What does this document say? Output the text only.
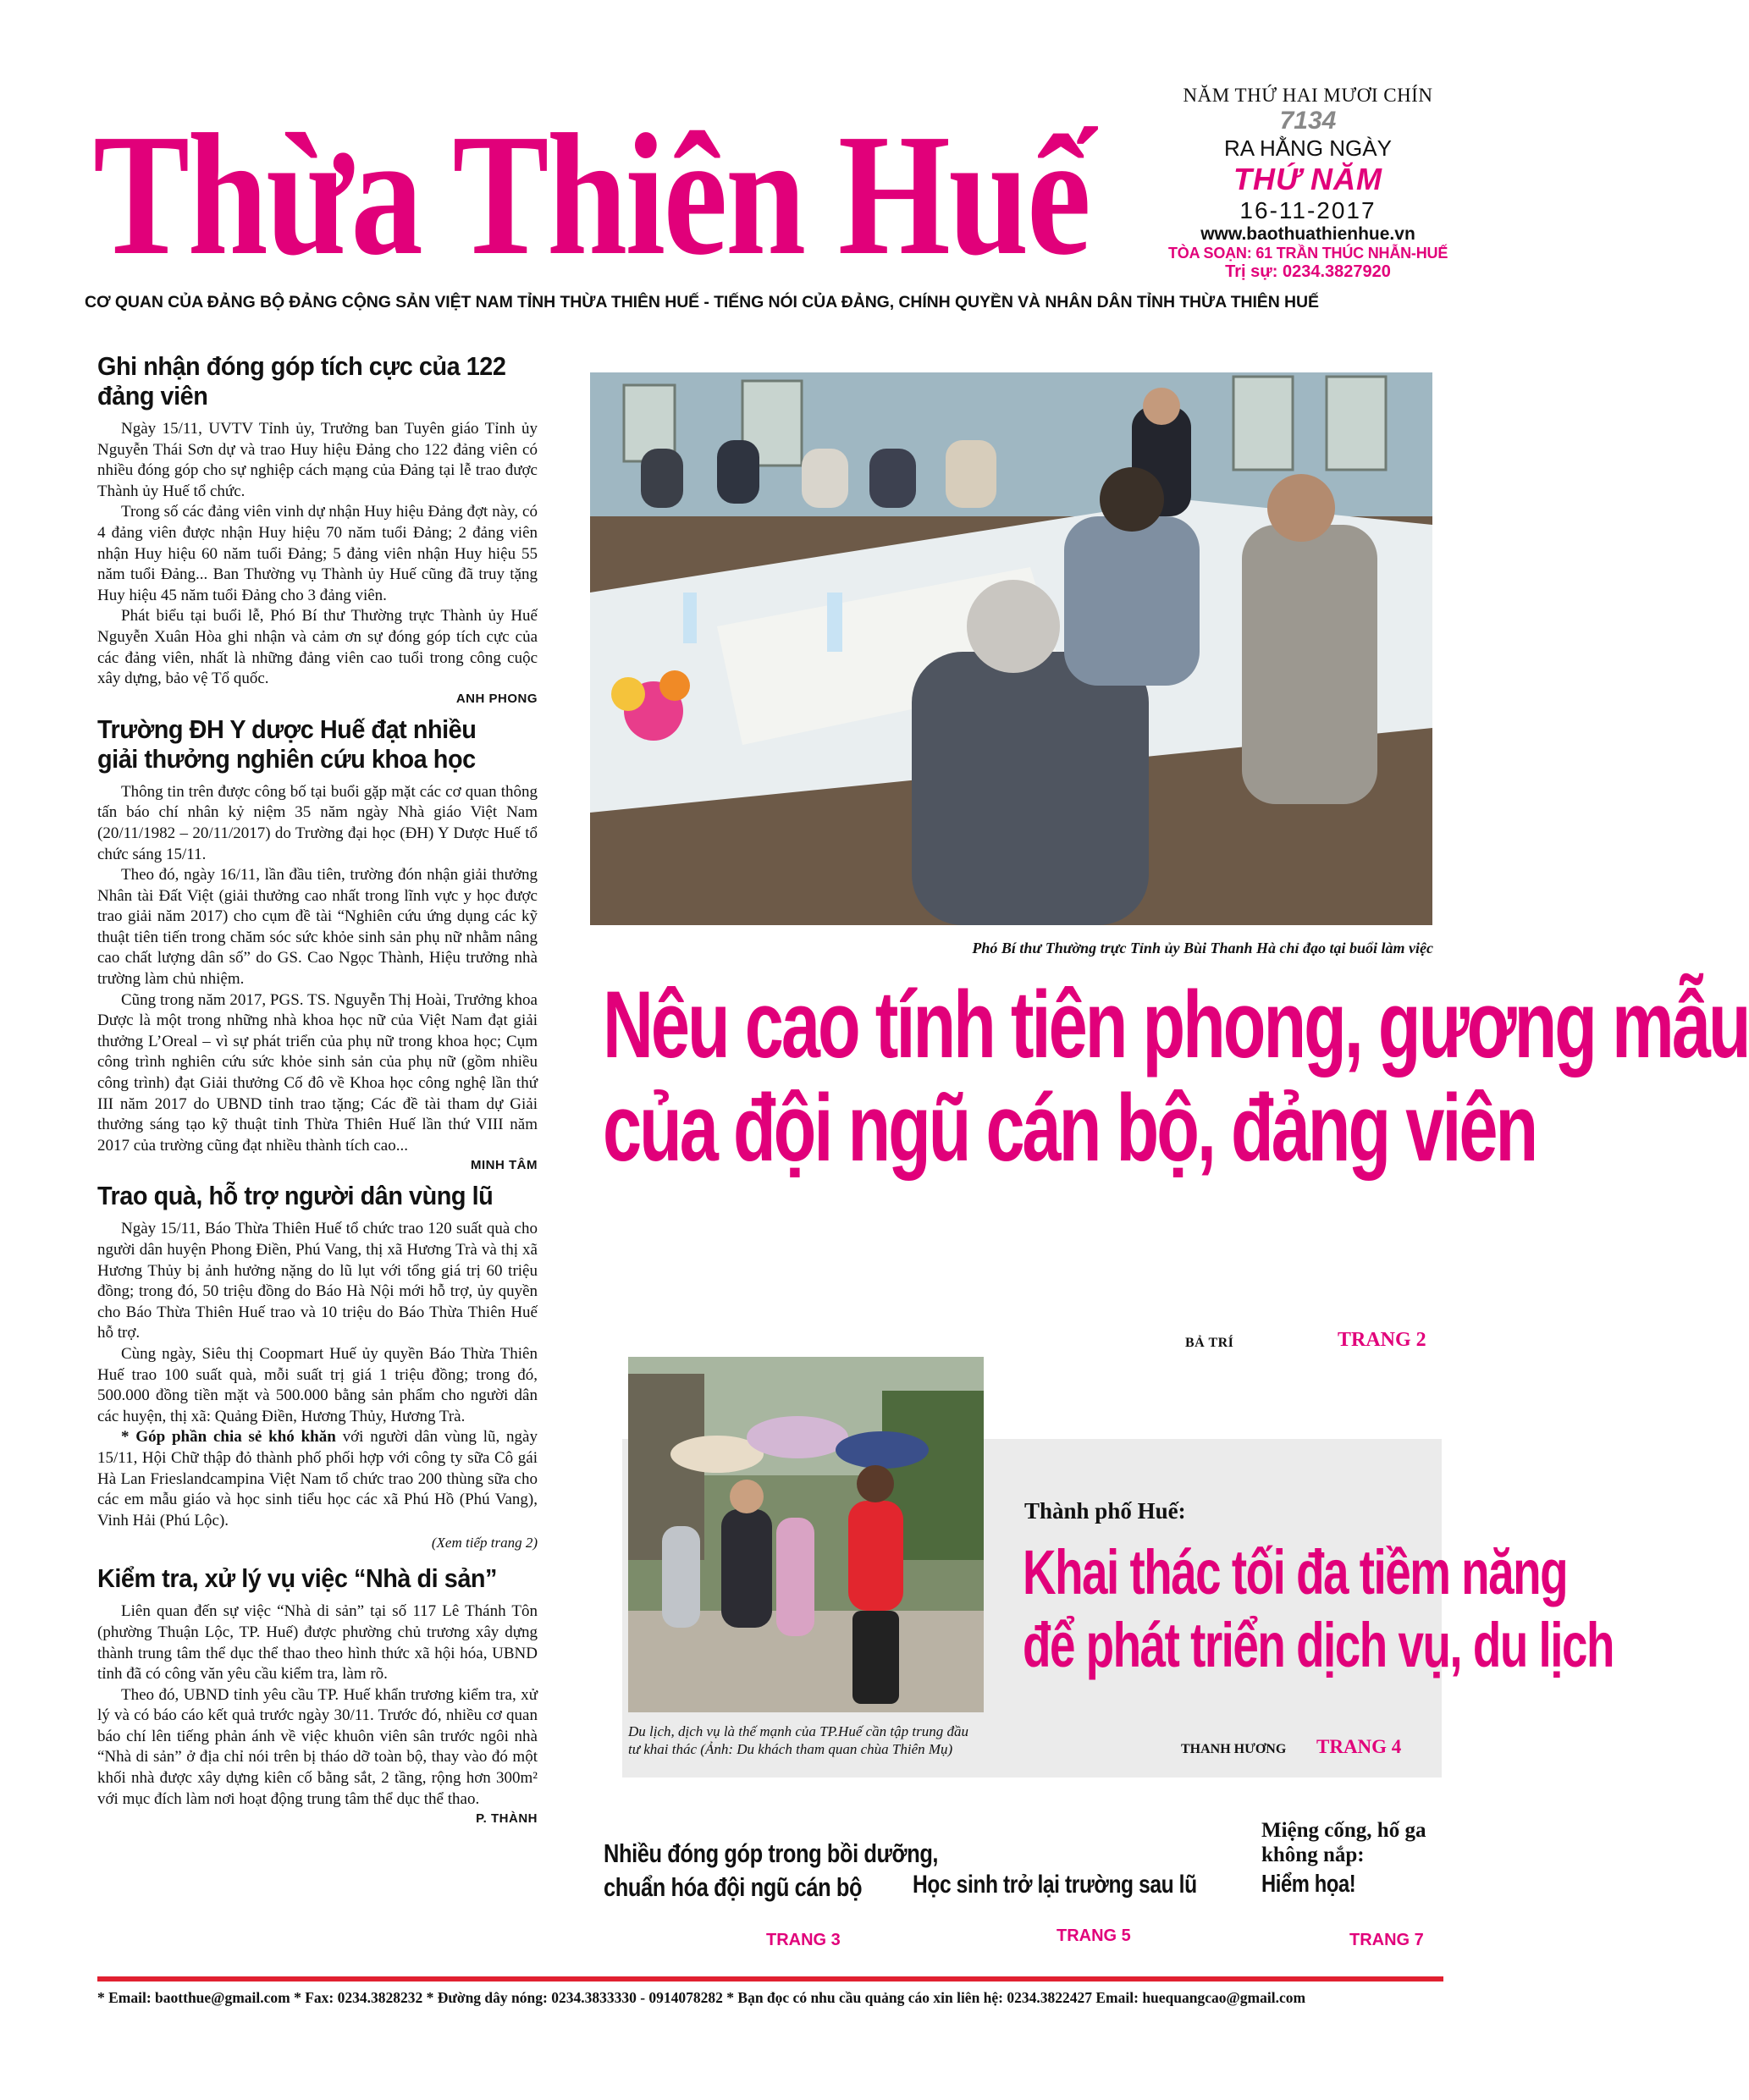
Thừa Thiên Huế
CƠ QUAN CỦA ĐẢNG BỘ ĐẢNG CỘNG SẢN VIỆT NAM TỈNH THỪA THIÊN HUẾ - TIẾNG NÓI CỦA ĐẢNG, CHÍNH QUYỀN VÀ NHÂN DÂN TỈNH THỪA THIÊN HUẾ
NĂM THỨ HAI MƯƠI CHÍN
7134
RA HẰNG NGÀY
THỨ NĂM
16-11-2017
www.baothuathienhue.vn
TÒA SOẠN: 61 TRẦN THÚC NHẪN-HUẾ
Trị sự: 0234.3827920
Ghi nhận đóng góp tích cực của 122 đảng viên

Ngày 15/11, UVTV Tỉnh ủy, Trưởng ban Tuyên giáo Tỉnh ủy Nguyễn Thái Sơn dự và trao Huy hiệu Đảng cho 122 đảng viên có nhiều đóng góp cho sự nghiệp cách mạng của Đảng tại lễ trao được Thành ủy Huế tổ chức.

Trong số các đảng viên vinh dự nhận Huy hiệu Đảng đợt này, có 4 đảng viên được nhận Huy hiệu 70 năm tuổi Đảng; 2 đảng viên nhận Huy hiệu 60 năm tuổi Đảng; 5 đảng viên nhận Huy hiệu 55 năm tuổi Đảng... Ban Thường vụ Thành ủy Huế cũng đã truy tặng Huy hiệu 45 năm tuổi Đảng cho 3 đảng viên.

Phát biểu tại buổi lễ, Phó Bí thư Thường trực Thành ủy Huế Nguyễn Xuân Hòa ghi nhận và cảm ơn sự đóng góp tích cực của các đảng viên, nhất là những đảng viên cao tuổi trong công cuộc xây dựng, bảo vệ Tổ quốc.

ANH PHONG
Trường ĐH Y dược Huế đạt nhiều giải thưởng nghiên cứu khoa học

Thông tin trên được công bố tại buổi gặp mặt các cơ quan thông tấn báo chí nhân kỷ niệm 35 năm ngày Nhà giáo Việt Nam (20/11/1982 – 20/11/2017) do Trường đại học (ĐH) Y Dược Huế tổ chức sáng 15/11.

Theo đó, ngày 16/11, lần đầu tiên, trường đón nhận giải thưởng Nhân tài Đất Việt (giải thưởng cao nhất trong lĩnh vực y học được trao giải năm 2017) cho cụm đề tài “Nghiên cứu ứng dụng các kỹ thuật tiên tiến trong chăm sóc sức khỏe sinh sản phụ nữ nhằm nâng cao chất lượng dân số” do GS. Cao Ngọc Thành, Hiệu trưởng nhà trường làm chủ nhiệm.

Cũng trong năm 2017, PGS. TS. Nguyễn Thị Hoài, Trưởng khoa Dược là một trong những nhà khoa học nữ của Việt Nam đạt giải thưởng L’Oreal – vì sự phát triển của phụ nữ trong khoa học; Cụm công trình nghiên cứu sức khỏe sinh sản của phụ nữ (gồm nhiều công trình) đạt Giải thưởng Cố đô về Khoa học công nghệ lần thứ III năm 2017 do UBND tỉnh trao tặng; Các đề tài tham dự Giải thưởng sáng tạo kỹ thuật tỉnh Thừa Thiên Huế lần thứ VIII năm 2017 của trường cũng đạt nhiều thành tích cao...

MINH TÂM
Trao quà, hỗ trợ người dân vùng lũ

Ngày 15/11, Báo Thừa Thiên Huế tổ chức trao 120 suất quà cho người dân huyện Phong Điền, Phú Vang, thị xã Hương Trà và thị xã Hương Thủy bị ảnh hưởng nặng do lũ lụt với tổng giá trị 60 triệu đồng; trong đó, 50 triệu đồng do Báo Hà Nội mới hỗ trợ, ủy quyền cho Báo Thừa Thiên Huế trao và 10 triệu do Báo Thừa Thiên Huế hỗ trợ.

Cùng ngày, Siêu thị Coopmart Huế ủy quyền Báo Thừa Thiên Huế trao 100 suất quà, mỗi suất trị giá 1 triệu đồng; trong đó, 500.000 đồng tiền mặt và 500.000 bằng sản phẩm cho người dân các huyện, thị xã: Quảng Điền, Hương Thủy, Hương Trà.

* Góp phần chia sẻ khó khăn với người dân vùng lũ, ngày 15/11, Hội Chữ thập đỏ thành phố phối hợp với công ty sữa Cô gái Hà Lan Frieslandcampina Việt Nam tổ chức trao 200 thùng sữa cho các em mẫu giáo và học sinh tiểu học các xã Phú Hồ (Phú Vang), Vinh Hải (Phú Lộc).

(Xem tiếp trang 2)
Kiểm tra, xử lý vụ việc “Nhà di sản”

Liên quan đến sự việc “Nhà di sản” tại số 117 Lê Thánh Tôn (phường Thuận Lộc, TP. Huế) được phường chủ trương xây dựng thành trung tâm thể dục thể thao theo hình thức xã hội hóa, UBND tỉnh đã có công văn yêu cầu kiểm tra, làm rõ.

Theo đó, UBND tỉnh yêu cầu TP. Huế khẩn trương kiểm tra, xử lý và có báo cáo kết quả trước ngày 30/11. Trước đó, nhiều cơ quan báo chí lên tiếng phản ánh về việc khuôn viên sân trước ngôi nhà “Nhà di sản” ở địa chỉ nói trên bị tháo dỡ toàn bộ, thay vào đó một khối nhà được xây dựng kiên cố bằng sắt, 2 tầng, rộng hơn 300m² với mục đích làm nơi hoạt động trung tâm thể dục thể thao.

P. THÀNH
Phó Bí thư Thường trực Tỉnh ủy Bùi Thanh Hà chỉ đạo tại buổi làm việc
Nêu cao tính tiên phong, gương mẫu
của đội ngũ cán bộ, đảng viên
BẢ TRÍ	TRANG 2
Du lịch, dịch vụ là thế mạnh của TP.Huế cần tập trung đầu tư khai thác (Ảnh: Du khách tham quan chùa Thiên Mụ)
Thành phố Huế:
Khai thác tối đa tiềm năng
để phát triển dịch vụ, du lịch
THANH HƯƠNG TRANG 4
Nhiều đóng góp trong bồi dưỡng,
chuẩn hóa đội ngũ cán bộ
TRANG 3
Học sinh trở lại trường sau lũ
TRANG 5
Miệng cống, hố ga
không nắp:
Hiểm họa!
TRANG 7
* Email: baotthue@gmail.com * Fax: 0234.3828232 * Đường dây nóng: 0234.3833330 - 0914078282 * Bạn đọc có nhu cầu quảng cáo xin liên hệ: 0234.3822427 Email: huequangcao@gmail.com
